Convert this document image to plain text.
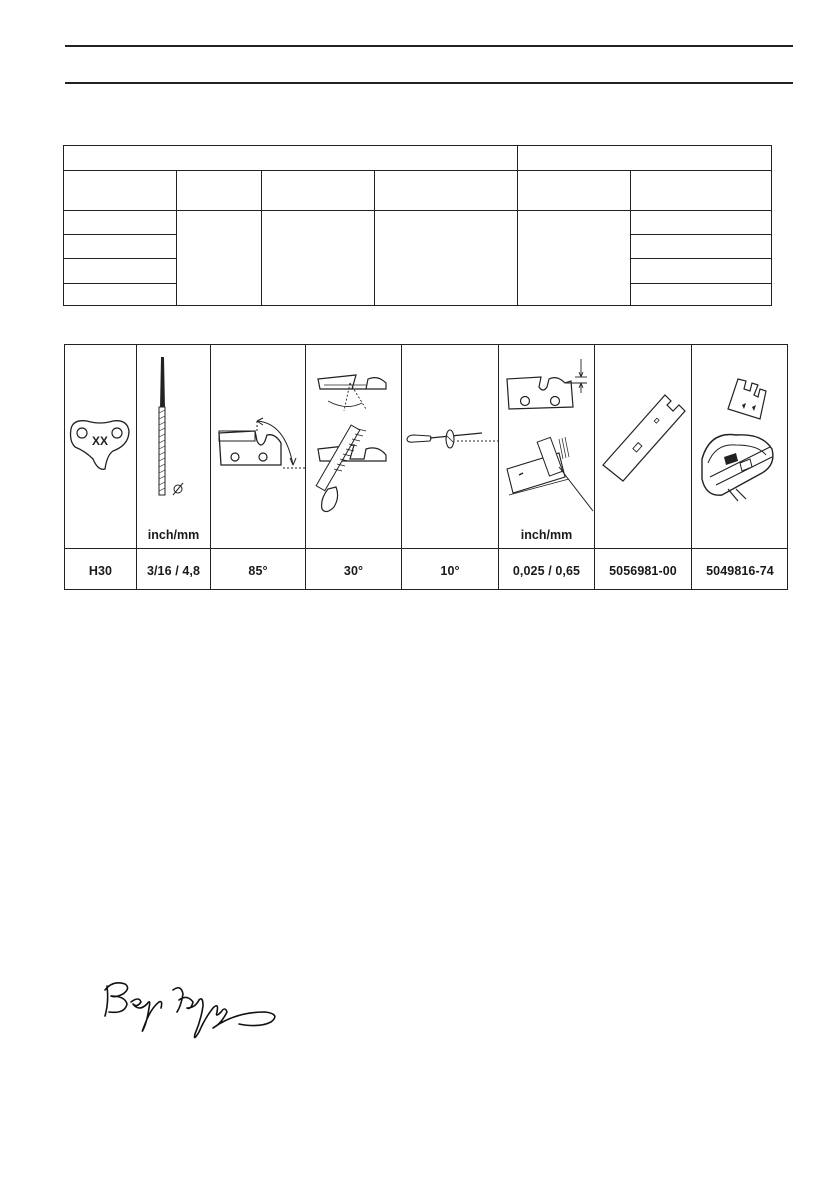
XX
inch/mm	inch/mm
H30	3/16 / 4,8	85°	30°	10°	0,025 / 0,65	5056981-00	5049816-74
